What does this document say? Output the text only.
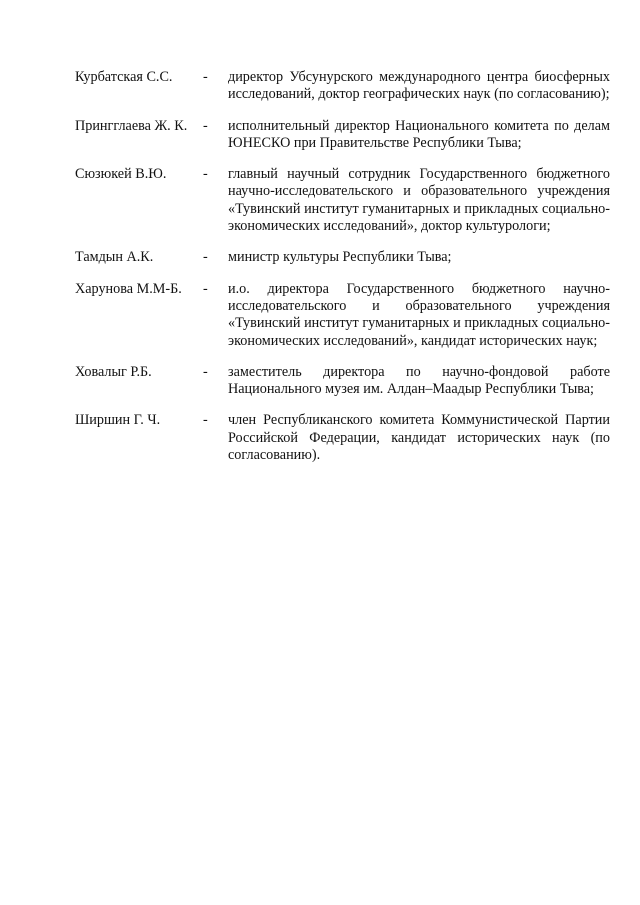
Курбатская С.С.	-	директор Убсунурского международного центра биосферных исследований, доктор географических наук (по согласованию);
Прингглаева Ж. К.	-	исполнительный директор Национального комитета по делам ЮНЕСКО при Правительстве Республики Тыва;
Сюзюкей В.Ю.	-	главный научный сотрудник Государственного бюджетного научно-исследовательского и образовательного учреждения «Тувинский институт гуманитарных и прикладных социально-экономических исследований», доктор культурологи;
Тамдын А.К.	-	министр культуры Республики Тыва;
Харунова М.М-Б.	-	и.о. директора Государственного бюджетного научно-исследовательского и образовательного учреждения «Тувинский институт гуманитарных и прикладных социально-экономических исследований», кандидат исторических наук;
Ховалыг Р.Б.	-	заместитель директора по научно-фондовой работе Национального музея им. Алдан–Маадыр Республики Тыва;
Ширшин Г. Ч.	-	член Республиканского комитета Коммунистической Партии Российской Федерации, кандидат исторических наук (по согласованию).
